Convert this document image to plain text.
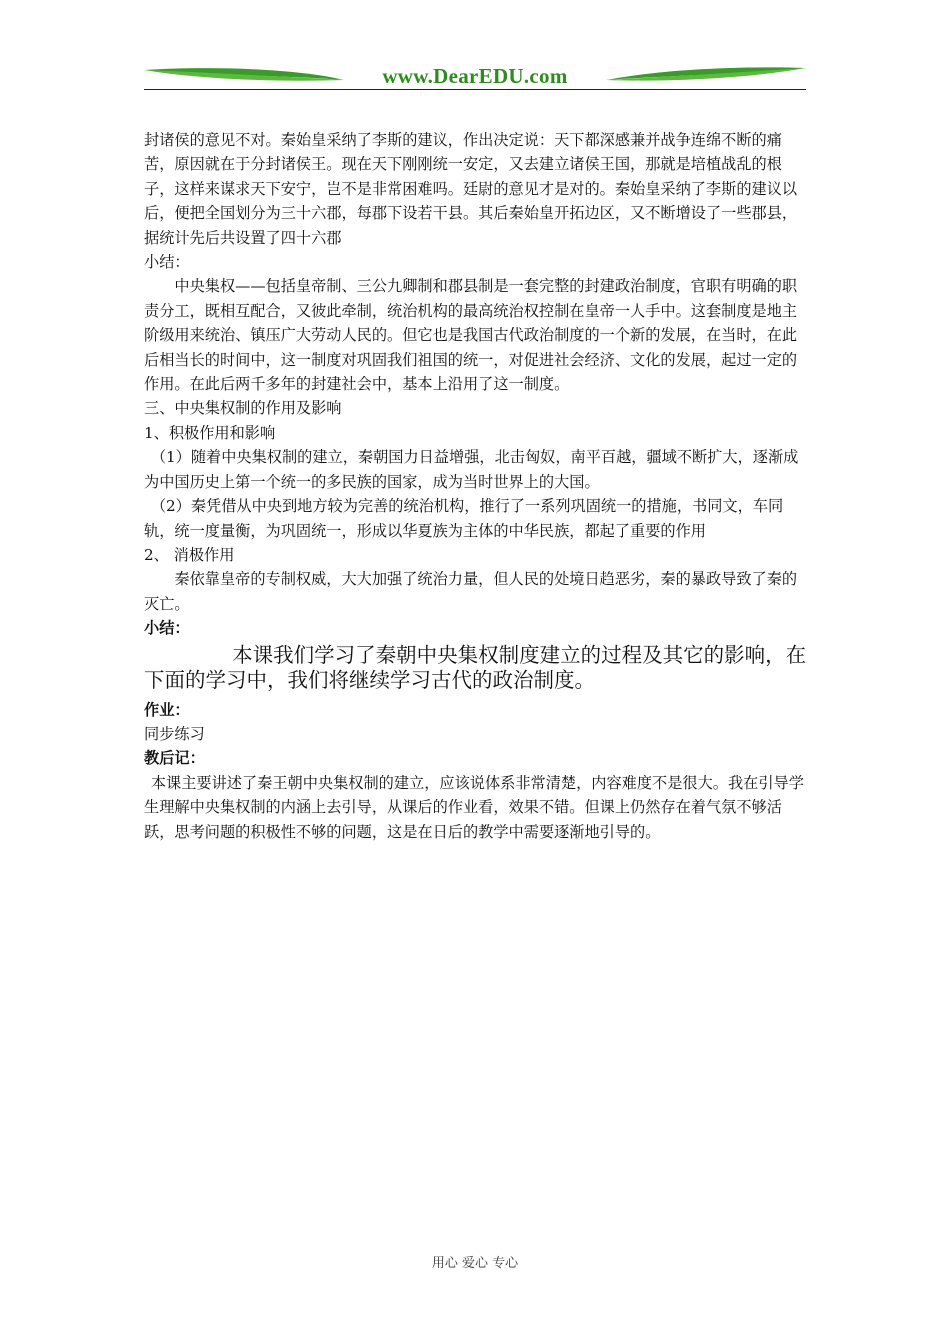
www.DearEDU.com

封诸侯的意见不对。秦始皇采纳了李斯的建议，作出决定说：天下都深感兼并战争连绵不断的痛苦，原因就在于分封诸侯王。现在天下刚刚统一安定，又去建立诸侯王国，那就是培植战乱的根子，这样来谋求天下安宁，岂不是非常困难吗。廷尉的意见才是对的。秦始皇采纳了李斯的建议以后，便把全国划分为三十六郡，每郡下设若干县。其后秦始皇开拓边区，又不断增设了一些郡县，据统计先后共设置了四十六郡

小结：

中央集权——包括皇帝制、三公九卿制和郡县制是一套完整的封建政治制度，官职有明确的职责分工，既相互配合，又彼此牵制，统治机构的最高统治权控制在皇帝一人手中。这套制度是地主阶级用来统治、镇压广大劳动人民的。但它也是我国古代政治制度的一个新的发展，在当时，在此后相当长的时间中，这一制度对巩固我们祖国的统一，对促进社会经济、文化的发展，起过一定的作用。在此后两千多年的封建社会中，基本上沿用了这一制度。

三、中央集权制的作用及影响

1、积极作用和影响

（1）随着中央集权制的建立，秦朝国力日益增强，北击匈奴，南平百越，疆域不断扩大，逐渐成为中国历史上第一个统一的多民族的国家，成为当时世界上的大国。

（2）秦凭借从中央到地方较为完善的统治机构，推行了一系列巩固统一的措施，书同文，车同轨，统一度量衡，为巩固统一，形成以华夏族为主体的中华民族，都起了重要的作用

2、 消极作用

秦依靠皇帝的专制权威，大大加强了统治力量，但人民的处境日趋恶劣，秦的暴政导致了秦的灭亡。

小结：

本课我们学习了秦朝中央集权制度建立的过程及其它的影响，在下面的学习中，我们将继续学习古代的政治制度。

作业：

同步练习

教后记：

本课主要讲述了秦王朝中央集权制的建立，应该说体系非常清楚，内容难度不是很大。我在引导学生理解中央集权制的内涵上去引导，从课后的作业看，效果不错。但课上仍然存在着气氛不够活跃，思考问题的积极性不够的问题，这是在日后的教学中需要逐渐地引导的。

用心 爱心 专心
